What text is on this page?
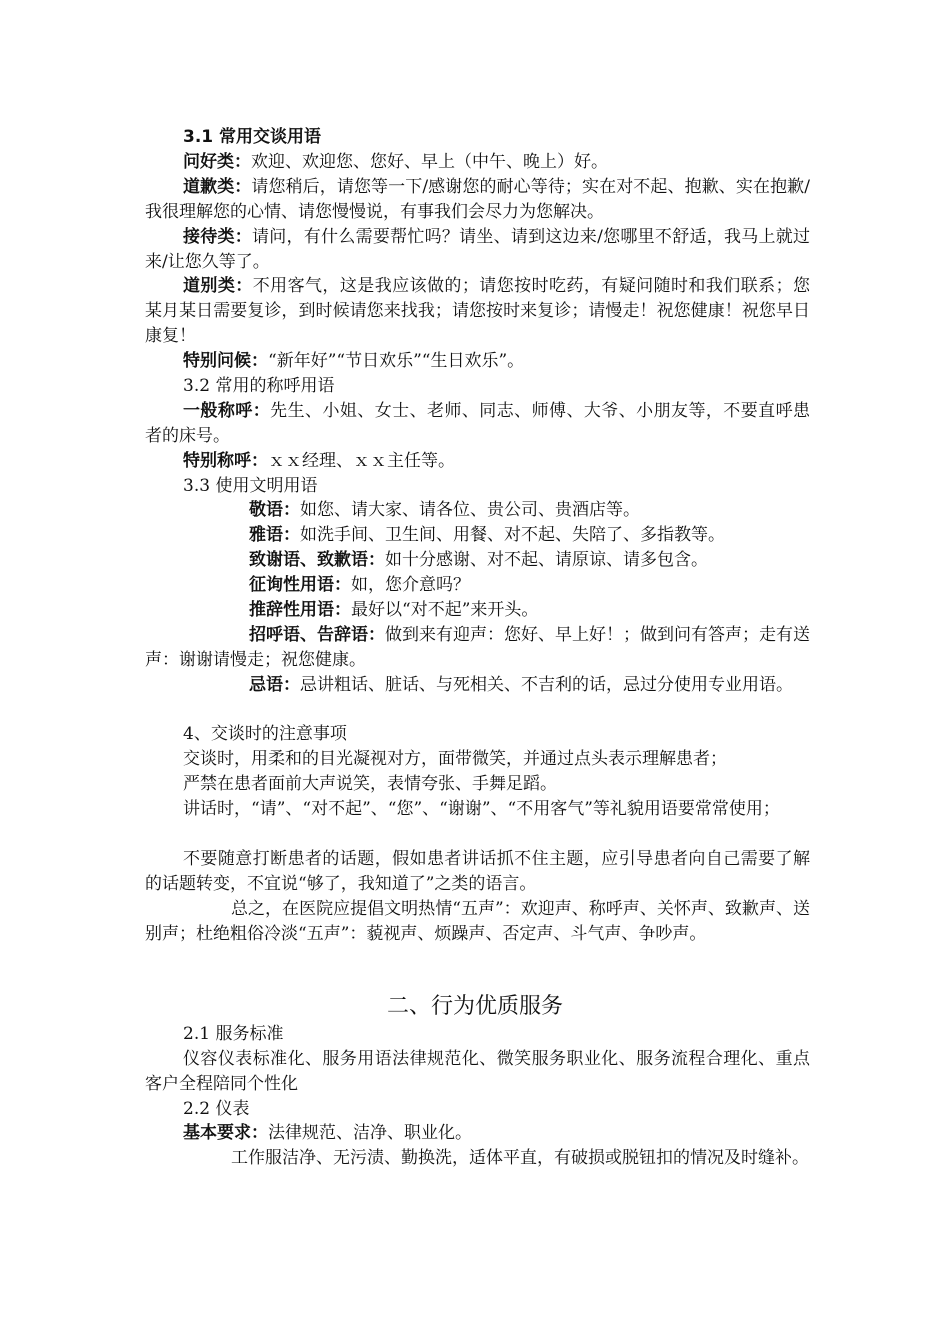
3.1 常用交谈用语

问好类：欢迎、欢迎您、您好、早上（中午、晚上）好。

道歉类：请您稍后，请您等一下/感谢您的耐心等待；实在对不起、抱歉、实在抱歉/我很理解您的心情、请您慢慢说，有事我们会尽力为您解决。

接待类：请问，有什么需要帮忙吗？请坐、请到这边来/您哪里不舒适，我马上就过来/让您久等了。

道别类：不用客气，这是我应该做的；请您按时吃药，有疑问随时和我们联系；您某月某日需要复诊，到时候请您来找我；请您按时来复诊；请慢走！祝您健康！祝您早日康复！

特别问候：“新年好”“节日欢乐”“生日欢乐”。

3.2 常用的称呼用语

一般称呼：先生、小姐、女士、老师、同志、师傅、大爷、小朋友等，不要直呼患者的床号。

特别称呼：ｘｘ经理、ｘｘ主任等。

3.3 使用文明用语

敬语：如您、请大家、请各位、贵公司、贵酒店等。

雅语：如洗手间、卫生间、用餐、对不起、失陪了、多指教等。

致谢语、致歉语：如十分感谢、对不起、请原谅、请多包含。

征询性用语：如，您介意吗？

推辞性用语：最好以“对不起”来开头。

招呼语、告辞语：做到来有迎声：您好、早上好！；做到问有答声；走有送声：谢谢请慢走；祝您健康。

忌语：忌讲粗话、脏话、与死相关、不吉利的话，忌过分使用专业用语。

4、交谈时的注意事项

交谈时，用柔和的目光凝视对方，面带微笑，并通过点头表示理解患者；

严禁在患者面前大声说笑，表情夸张、手舞足蹈。

讲话时，“请”、“对不起”、“您”、“谢谢”、“不用客气”等礼貌用语要常常使用；

不要随意打断患者的话题，假如患者讲话抓不住主题，应引导患者向自己需要了解的话题转变，不宜说“够了，我知道了”之类的语言。

总之，在医院应提倡文明热情“五声”：欢迎声、称呼声、关怀声、致歉声、送别声；杜绝粗俗冷淡“五声”：藐视声、烦躁声、否定声、斗气声、争吵声。

二、行为优质服务

2.1 服务标准

仪容仪表标准化、服务用语法律规范化、微笑服务职业化、服务流程合理化、重点客户全程陪同个性化

2.2 仪表

基本要求：法律规范、洁净、职业化。

工作服洁净、无污渍、勤换洗，适体平直，有破损或脱钮扣的情况及时缝补。
